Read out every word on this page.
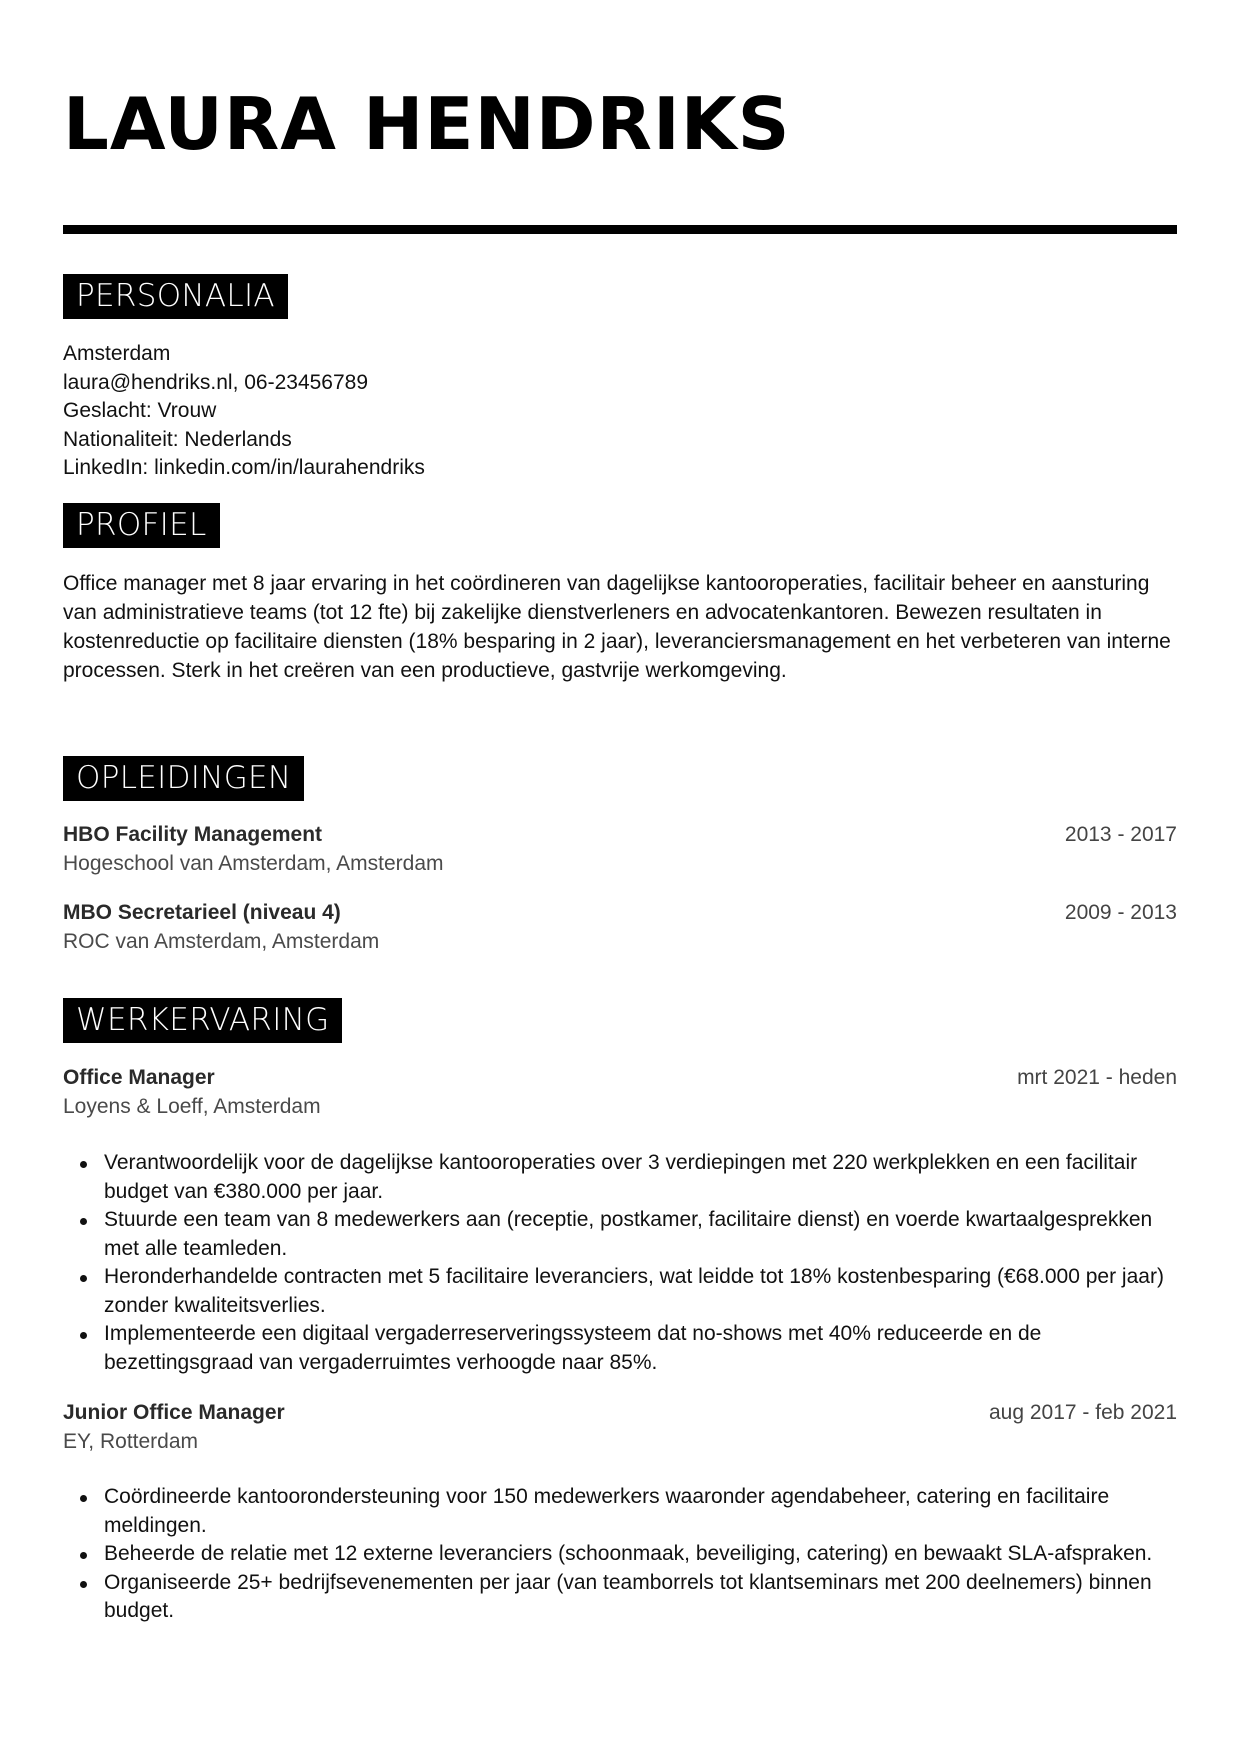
LAURA HENDRIKS
PERSONALIA
Amsterdam
laura@hendriks.nl, 06-23456789
Geslacht: Vrouw
Nationaliteit: Nederlands
LinkedIn: linkedin.com/in/laurahendriks
PROFIEL
Office manager met 8 jaar ervaring in het coördineren van dagelijkse kantooroperaties, facilitair beheer en aansturing van administratieve teams (tot 12 fte) bij zakelijke dienstverleners en advocatenkantoren. Bewezen resultaten in kostenreductie op facilitaire diensten (18% besparing in 2 jaar), leveranciersmanagement en het verbeteren van interne processen. Sterk in het creëren van een productieve, gastvrije werkomgeving.
OPLEIDINGEN
HBO Facility Management	2013 - 2017
Hogeschool van Amsterdam, Amsterdam
MBO Secretarieel (niveau 4)	2009 - 2013
ROC van Amsterdam, Amsterdam
WERKERVARING
Office Manager	mrt 2021 - heden
Loyens & Loeff, Amsterdam
Verantwoordelijk voor de dagelijkse kantooroperaties over 3 verdiepingen met 220 werkplekken en een facilitair budget van €380.000 per jaar.
Stuurde een team van 8 medewerkers aan (receptie, postkamer, facilitaire dienst) en voerde kwartaalgesprekken met alle teamleden.
Heronderhandelde contracten met 5 facilitaire leveranciers, wat leidde tot 18% kostenbesparing (€68.000 per jaar) zonder kwaliteitsverlies.
Implementeerde een digitaal vergaderreserveringssysteem dat no-shows met 40% reduceerde en de bezettingsgraad van vergaderruimtes verhoogde naar 85%.
Junior Office Manager	aug 2017 - feb 2021
EY, Rotterdam
Coördineerde kantoorondersteuning voor 150 medewerkers waaronder agendabeheer, catering en facilitaire meldingen.
Beheerde de relatie met 12 externe leveranciers (schoonmaak, beveiliging, catering) en bewaakt SLA-afspraken.
Organiseerde 25+ bedrijfsevenementen per jaar (van teamborrels tot klantseminars met 200 deelnemers) binnen budget.
